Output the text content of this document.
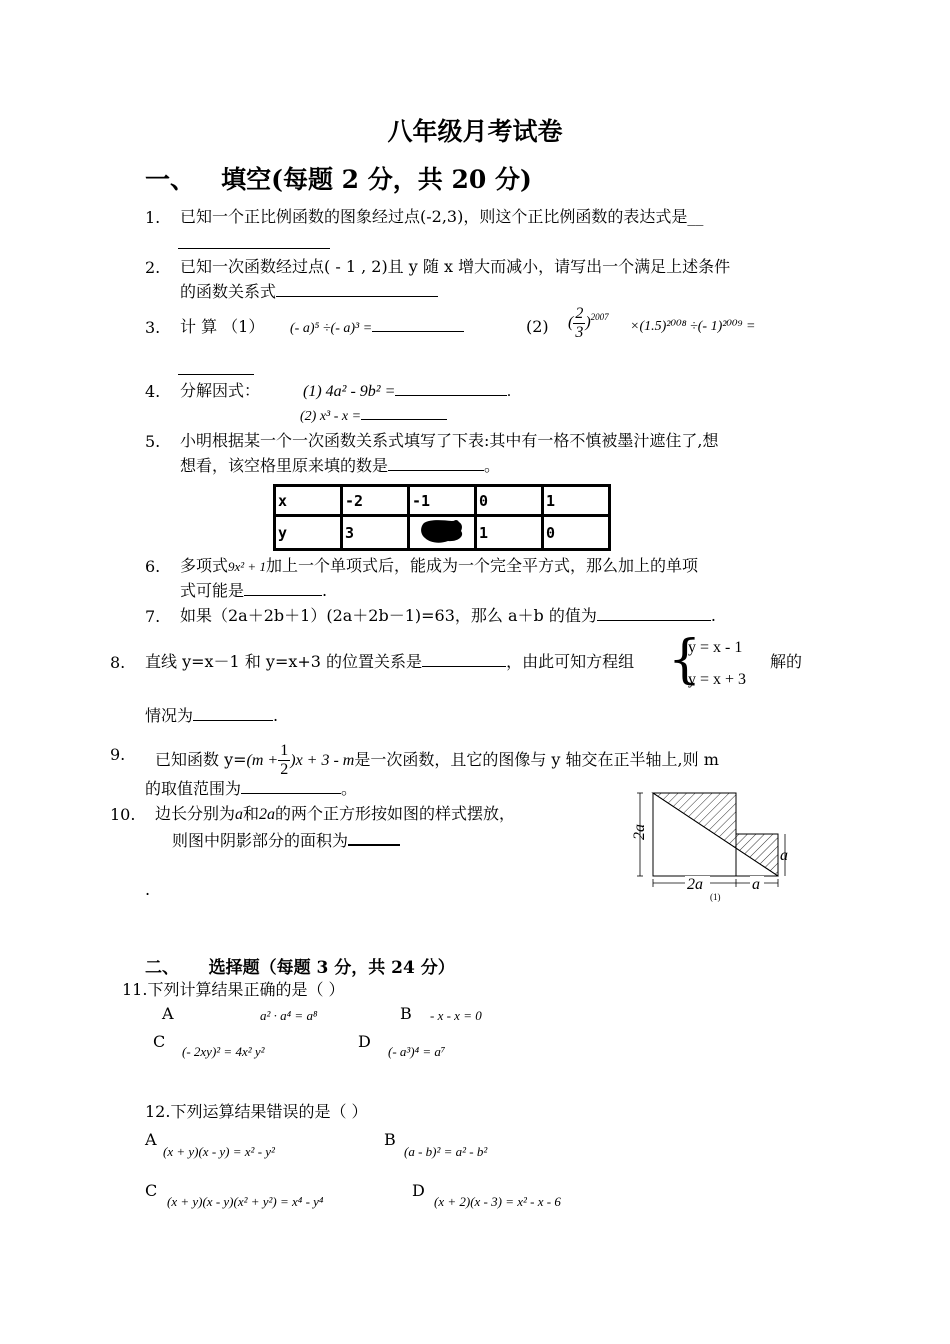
八年级月考试卷
一、 填空(每题 2 分，共 20 分)
1. 已知一个正比例函数的图象经过点(-2,3)，则这个正比例函数的表达式是__
2. 已知一次函数经过点( - 1 , 2)且 y 随 x 增大而减小，请写出一个满足上述条件
的函数关系式
3. 计 算 （1） (- a)⁵ ÷(- a)³ =	(2) ( $\frac{2}{3} )^{2007}$
×(1.5)²⁰⁰⁸ ÷(- 1)²⁰⁰⁹ =
4. 分解因式：	(1) 4a² - 9b² =	.
(2) x³ - x =
5. 小明根据某一个一次函数关系式填写了下表:其中有一格不慎被墨汁遮住了,想
想看，该空格里原来填的数是	。
x	-2	-1	0	1
y	3		1	0
6. 多项式9x² + 1加上一个单项式后，能成为一个完全平方式，那么加上的单项
式可能是	.
7. 如果（2a＋2b＋1）(2a＋2b－1)=63，那么 a＋b 的值为	.
8. 直线 y=x－1 和 y=x+3 的位置关系是	，由此可知方程组 {
y = x - 1
y = x + 3
解的
情况为	.
9. 已知函数 $y=(m + \frac{1}{2} )x + 3 - m$是一次函数，且它的图像与 y 轴交在正半轴上,则 m
的取值范围为	。
10. 边长分别为a和2a的两个正方形按如图的样式摆放，
则图中阴影部分的面积为
.
2a
a
2a	a
(1)
二、 选择题（每题 3 分，共 24 分）
11.下列计算结果正确的是（ ）
A	a² · a⁴ = a⁸	B - x - x = 0
C
(- 2xy)² = 4x² y²
D
(- a³)⁴ = a⁷
12.下列运算结果错误的是（ ）
A
(x + y)(x - y) = x² - y²
B
(a - b)² = a² - b²
C
(x + y)(x - y)(x² + y²) = x⁴ - y⁴
D
(x + 2)(x - 3) = x² - x - 6
